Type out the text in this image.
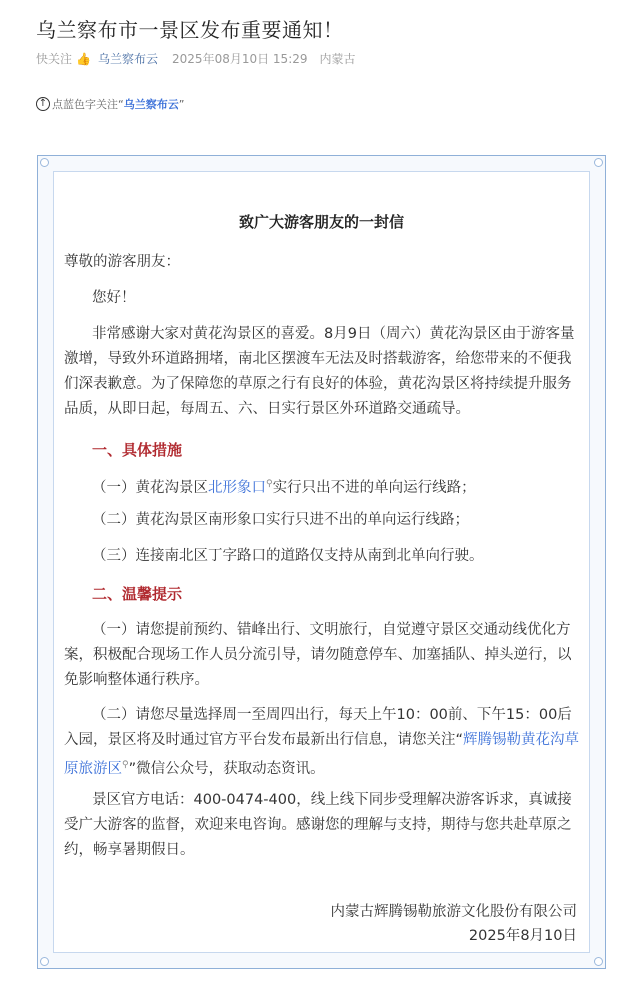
乌兰察布市一景区发布重要通知！
快关注 👍 乌兰察布云 2025年08月10日 15:29 内蒙古
↑ 点蓝色字关注“ 乌兰察布云 ”
致广大游客朋友的一封信
尊敬的游客朋友：
您好！
非常感谢大家对黄花沟景区的喜爱。8月9日（周六）黄花沟景区由于游客量
激增，导致外环道路拥堵，南北区摆渡车无法及时搭载游客，给您带来的不便我
们深表歉意。为了保障您的草原之行有良好的体验，黄花沟景区将持续提升服务
品质，从即日起，每周五、六、日实行景区外环道路交通疏导。
一、具体措施
（一）黄花沟景区北形象口⚲实行只出不进的单向运行线路；
（二）黄花沟景区南形象口实行只进不出的单向运行线路；
（三）连接南北区丁字路口的道路仅支持从南到北单向行驶。
二、温馨提示
（一）请您提前预约、错峰出行、文明旅行，自觉遵守景区交通动线优化方
案，积极配合现场工作人员分流引导，请勿随意停车、加塞插队、掉头逆行，以
免影响整体通行秩序。
（二）请您尽量选择周一至周四出行，每天上午10：00前、下午15：00后
入园，景区将及时通过官方平台发布最新出行信息，请您关注“辉腾锡勒黄花沟草
原旅游区⚲”微信公众号，获取动态资讯。
景区官方电话：400-0474-400，线上线下同步受理解决游客诉求，真诚接
受广大游客的监督，欢迎来电咨询。感谢您的理解与支持，期待与您共赴草原之
约，畅享暑期假日。
内蒙古辉腾锡勒旅游文化股份有限公司
2025年8月10日
